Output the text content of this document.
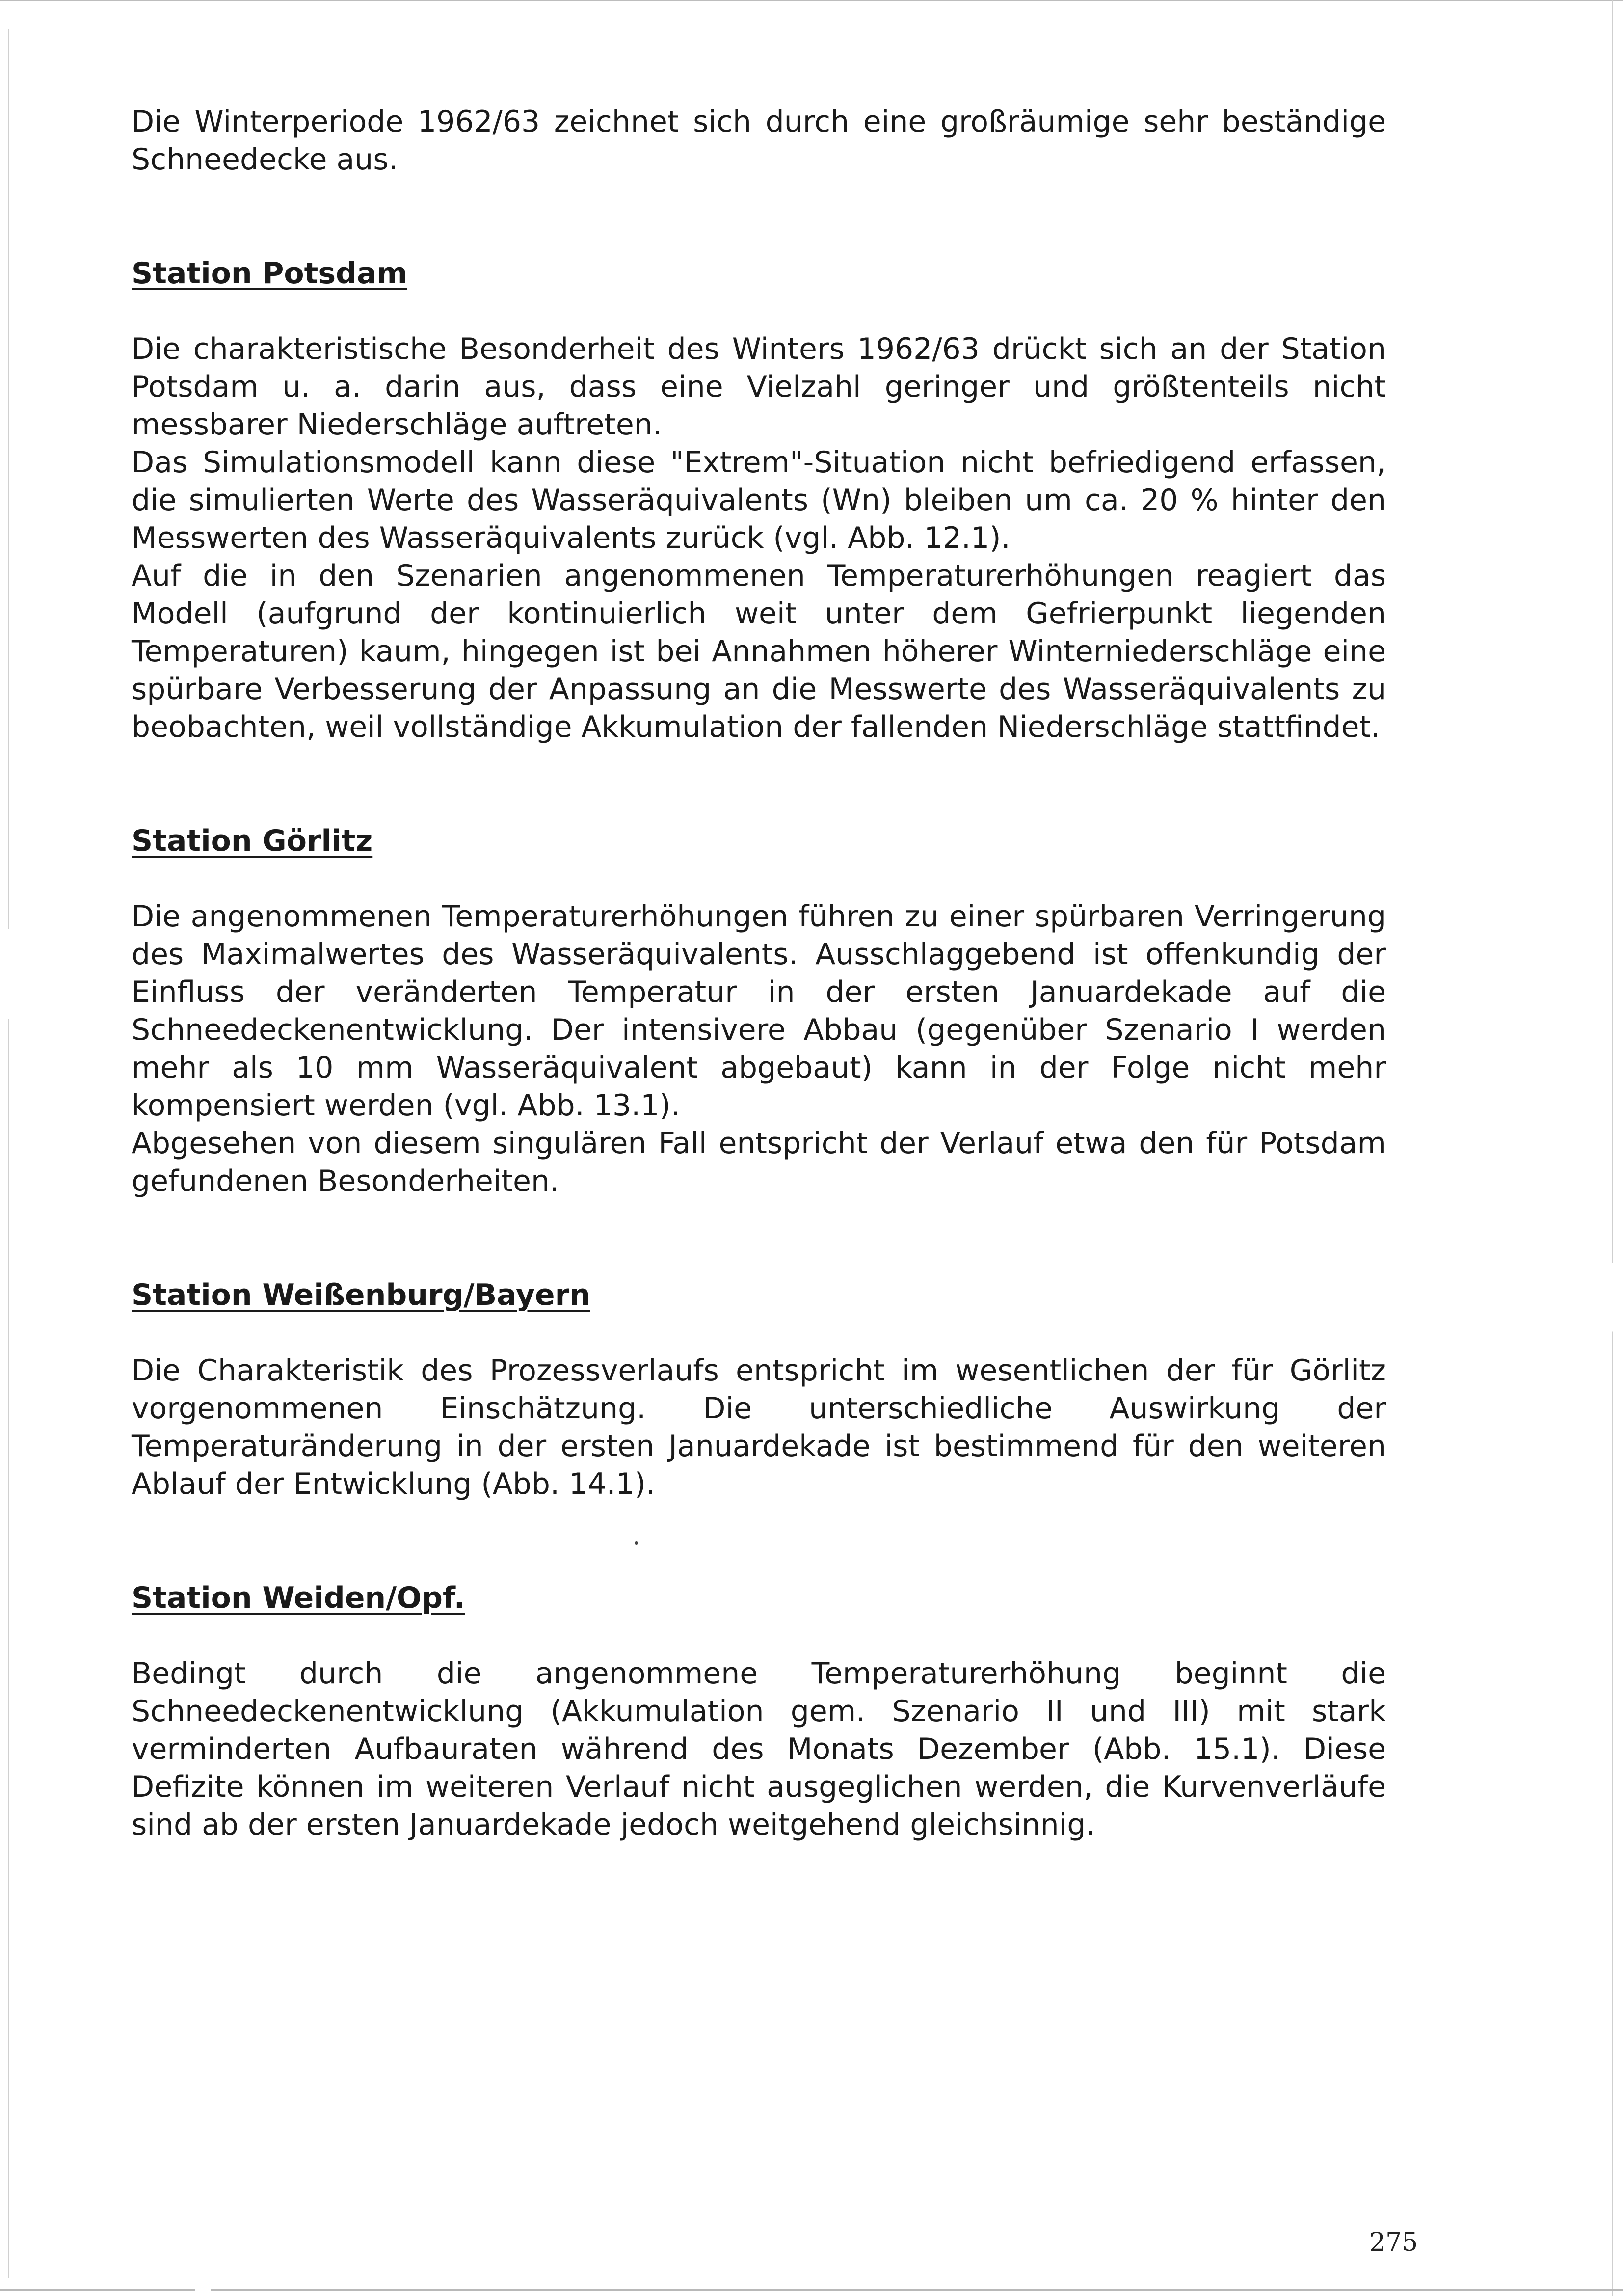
Die Winterperiode 1962/63 zeichnet sich durch eine großräumige sehr beständige Schneedecke aus.

Station Potsdam

Die charakteristische Besonderheit des Winters 1962/63 drückt sich an der Station Potsdam u. a. darin aus, dass eine Vielzahl geringer und größtenteils nicht messbarer Niederschläge auftreten.

Das Simulationsmodell kann diese "Extrem"-Situation nicht befriedigend erfassen, die simulierten Werte des Wasseräquivalents (Wn) bleiben um ca. 20 % hinter den Messwerten des Wasseräquivalents zurück (vgl. Abb. 12.1).

Auf die in den Szenarien angenommenen Temperaturerhöhungen reagiert das Modell (aufgrund der kontinuierlich weit unter dem Gefrierpunkt liegenden Temperaturen) kaum, hingegen ist bei Annahmen höherer Winterniederschläge eine spürbare Verbesserung der Anpassung an die Messwerte des Wasseräquivalents zu beobachten, weil vollständige Akkumulation der fallenden Niederschläge stattfindet.

Station Görlitz

Die angenommenen Temperaturerhöhungen führen zu einer spürbaren Verringerung des Maximalwertes des Wasseräquivalents. Ausschlaggebend ist offenkundig der Einfluss der veränderten Temperatur in der ersten Januardekade auf die Schneedeckenentwicklung. Der intensivere Abbau (gegenüber Szenario I werden mehr als 10 mm Wasseräquivalent abgebaut) kann in der Folge nicht mehr kompensiert werden (vgl. Abb. 13.1).

Abgesehen von diesem singulären Fall entspricht der Verlauf etwa den für Potsdam gefundenen Besonderheiten.

Station Weißenburg/Bayern

Die Charakteristik des Prozessverlaufs entspricht im wesentlichen der für Görlitz vorgenommenen Einschätzung. Die unterschiedliche Auswirkung der Temperaturänderung in der ersten Januardekade ist bestimmend für den weiteren Ablauf der Entwicklung (Abb. 14.1).

Station Weiden/Opf.

Bedingt durch die angenommene Temperaturerhöhung beginnt die Schneedeckenentwicklung (Akkumulation gem. Szenario II und III) mit stark verminderten Aufbauraten während des Monats Dezember (Abb. 15.1). Diese Defizite können im weiteren Verlauf nicht ausgeglichen werden, die Kurvenverläufe sind ab der ersten Januardekade jedoch weitgehend gleichsinnig.

275
